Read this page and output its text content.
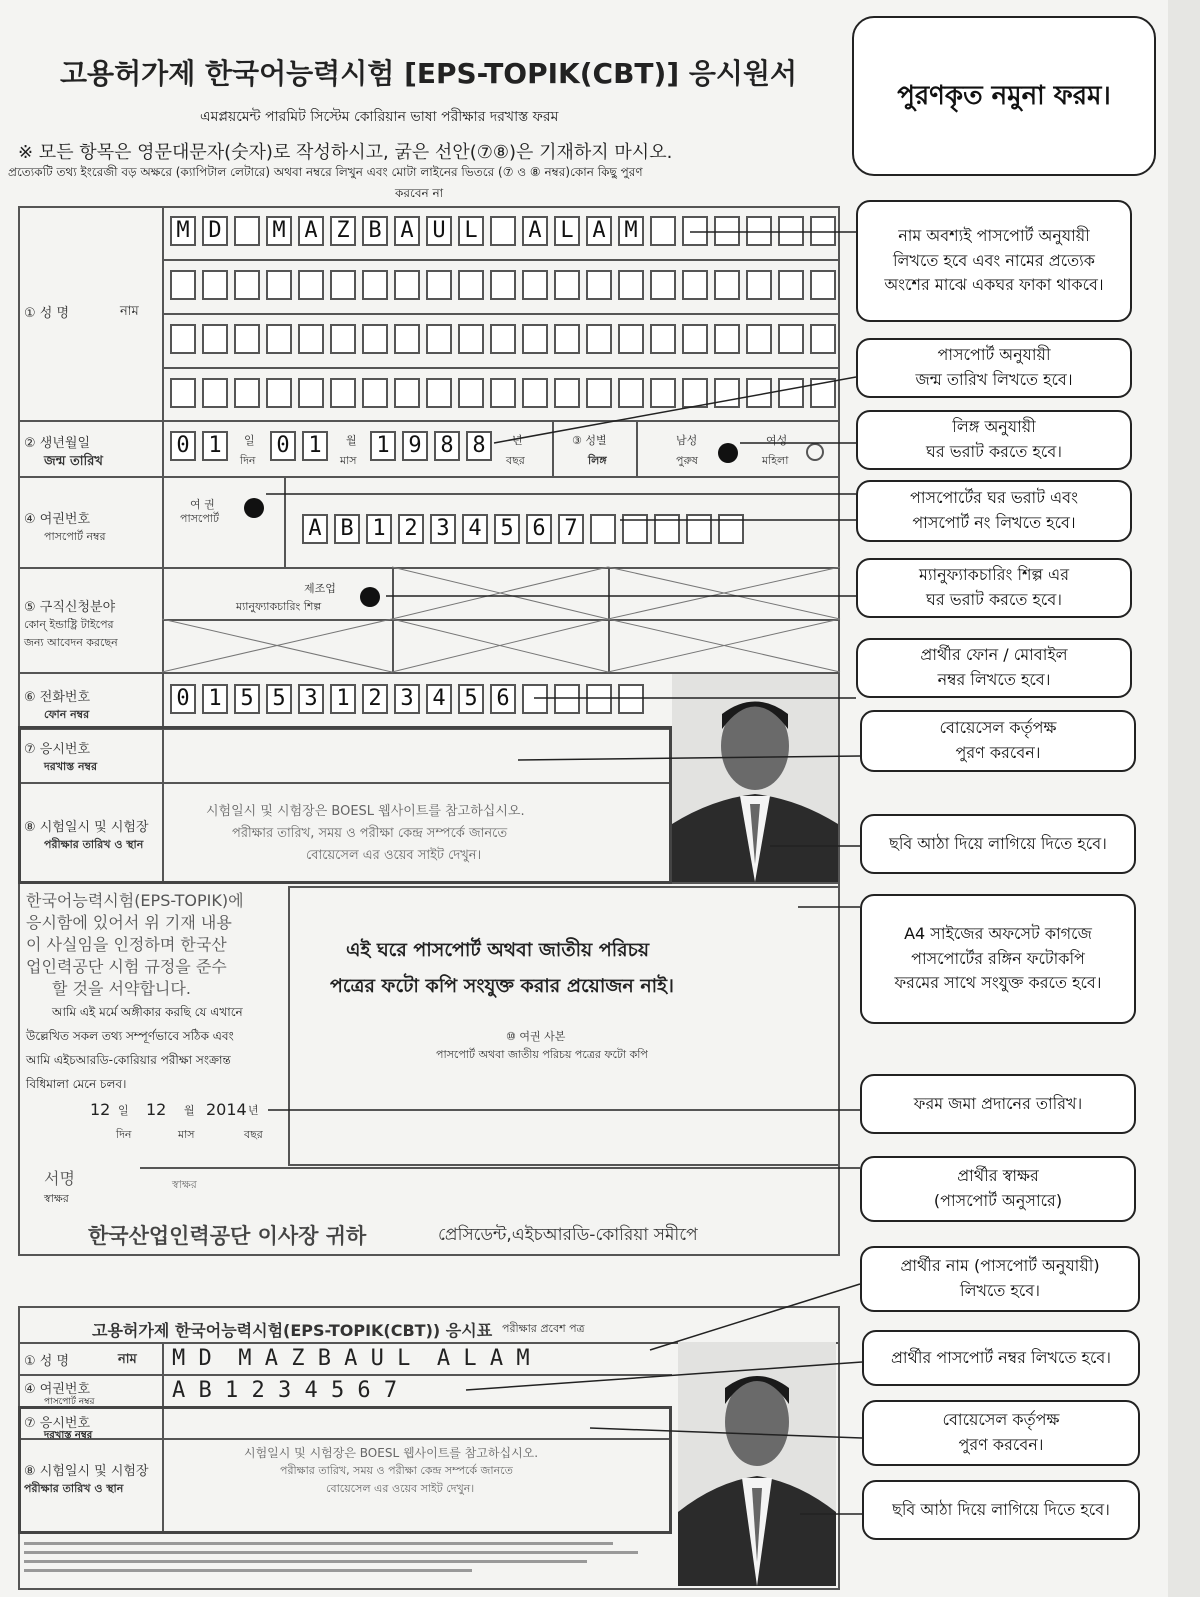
고용허가제 한국어능력시험 [EPS-TOPIK(CBT)] 응시원서
এমপ্লয়মেন্ট পারমিট সিস্টেম কোরিয়ান ভাষা পরীক্ষার দরখাস্ত ফরম
※ 모든 항목은 영문대문자(숫자)로 작성하시고, 굵은 선안(⑦⑧)은 기재하지 마시오.
প্রত্যেকটি তথ্য ইংরেজী বড় অক্ষরে (ক্যাপিটাল লেটারে) অথবা নম্বরে লিখুন এবং মোটা লাইনের ভিতরে (⑦ ও ⑧ নম্বর)কোন কিছু পুরণ
করবেন না
পুরণকৃত নমুনা ফরম।
① 성 명	নাম
M D M A Z B A U L A L A M
② 생년월일
জন্ম তারিখ
0 1	일
দিন
0 1	월
মাস
1 9 8 8	년
বছর
③ 성별
লিঙ্গ
남성
পুরুষ
여성
মহিলা
④ 여권번호
পাসপোর্ট নম্বর
여 권
পাসপোর্ট	A B 1 2 3 4 5 6 7
⑤ 구직신청분야
কোন্ ইন্ডাষ্ট্রি টাইপের
জন্য আবেদন করছেন
제조업
ম্যানুফ্যাকচারিং শিল্প
⑥ 전화번호
ফোন নম্বর
0 1 5 5 3 1 2 3 4 5 6
⑦ 응시번호
দরখাস্ত নম্বর
⑧ 시험일시 및 시험장
পরীক্ষার তারিখ ও স্থান
시험일시 및 시험장은 BOESL 웹사이트를 참고하십시오.
পরীক্ষার তারিখ, সময় ও পরীক্ষা কেন্দ্র সম্পর্কে জানতে
বোয়েসেল এর ওয়েব সাইট দেখুন।
한국어능력시험(EPS-TOPIK)에
응시함에 있어서 위 기재 내용
이 사실임을 인정하며 한국산
업인력공단 시험 규정을 준수
할 것을 서약합니다.
আমি এই মর্মে অঙ্গীকার করছি যে এখানে
উল্লেখিত সকল তথ্য সম্পূর্ণভাবে সঠিক এবং
আমি এইচআরডি-কোরিয়ার পরীক্ষা সংক্রান্ত
বিধিমালা মেনে চলব।
12 일 12 월 2014 년
দিন	মাস	বছর
서명
স্বাক্ষর
স্বাক্ষর
এই ঘরে পাসপোর্ট অথবা জাতীয় পরিচয়
পত্রের ফটো কপি সংযুক্ত করার প্রয়োজন নাই।
⑩ 여권 사본
পাসপোর্ট অথবা জাতীয় পরিচয় পত্রের ফটো কপি
한국산업인력공단 이사장 귀하	প্রেসিডেন্ট,এইচআরডি-কোরিয়া সমীপে
고용허가제 한국어능력시험(EPS-TOPIK(CBT)) 응시표 পরীক্ষার প্রবেশ পত্র
① 성 명	নাম M D  M A Z B A U L  A L A M
④ 여권번호
পাসপোর্ট নম্বর	A B 1 2 3 4 5 6 7
⑦ 응시번호
দরখাস্ত নম্বর
⑧ 시험일시 및 시험장
পরীক্ষার তারিখ ও স্থান
시험일시 및 시험장은 BOESL 웹사이트를 참고하십시오.
পরীক্ষার তারিখ, সময় ও পরীক্ষা কেন্দ্র সম্পর্কে জানতে
বোয়েসেল এর ওয়েব সাইট দেখুন।
নাম অবশ্যই পাসপোর্ট অনুযায়ী
লিখতে হবে এবং নামের প্রত্যেক
অংশের মাঝে একঘর ফাকা থাকবে।
পাসপোর্ট অনুযায়ী
জন্ম তারিখ লিখতে হবে।
লিঙ্গ অনুযায়ী
ঘর ভরাট করতে হবে।
পাসপোর্টের ঘর ভরাট এবং
পাসপোর্ট নং লিখতে হবে।
ম্যানুফ্যাকচারিং শিল্প এর
ঘর ভরাট করতে হবে।
প্রার্থীর ফোন / মোবাইল
নম্বর লিখতে হবে।
বোয়েসেল কর্তৃপক্ষ
পুরণ করবেন।
ছবি আঠা দিয়ে লাগিয়ে দিতে হবে।
A4 সাইজের অফসেট কাগজে
পাসপোর্টের রঙ্গিন ফটোকপি
ফরমের সাথে সংযুক্ত করতে হবে।
ফরম জমা প্রদানের তারিখ।
প্রার্থীর স্বাক্ষর
(পাসপোর্ট অনুসারে)
প্রার্থীর নাম (পাসপোর্ট অনুযায়ী)
লিখতে হবে।
প্রার্থীর পাসপোর্ট নম্বর লিখতে হবে।
বোয়েসেল কর্তৃপক্ষ
পুরণ করবেন।
ছবি আঠা দিয়ে লাগিয়ে দিতে হবে।
